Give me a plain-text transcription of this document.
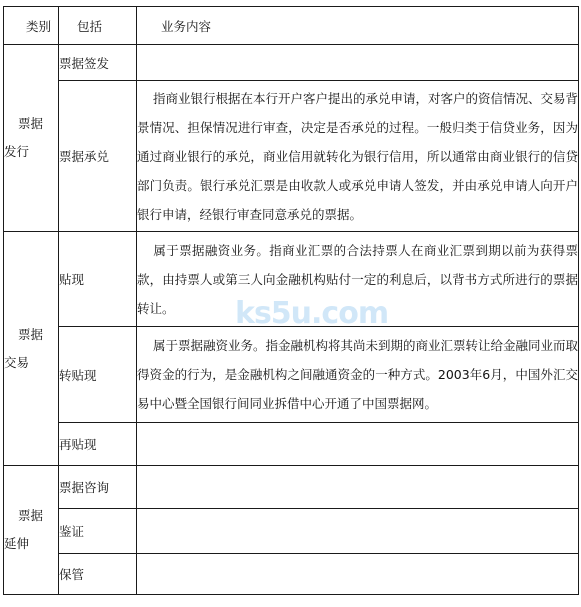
类别	包括	业务内容

票据
发行	票据签发	
	票据承兑	指商业银行根据在本行开户客户提出的承兑申请，对客户的资信情况、交易背景情况、担保情况进行审查，决定是否承兑的过程。一般归类于信贷业务，因为通过商业银行的承兑，商业信用就转化为银行信用，所以通常由商业银行的信贷部门负责。银行承兑汇票是由收款人或承兑申请人签发，并由承兑申请人向开户银行申请，经银行审查同意承兑的票据。

票据
交易	贴现	属于票据融资业务。指商业汇票的合法持票人在商业汇票到期以前为获得票款，由持票人或第三人向金融机构贴付一定的利息后，以背书方式所进行的票据转让。
	转贴现	属于票据融资业务。指金融机构将其尚未到期的商业汇票转让给金融同业而取得资金的行为，是金融机构之间融通资金的一种方式。2003年6月，中国外汇交易中心暨全国银行间同业拆借中心开通了中国票据网。
	再贴现	

票据
延伸	票据咨询	
	鉴证	
	保管	
ks5u.com
